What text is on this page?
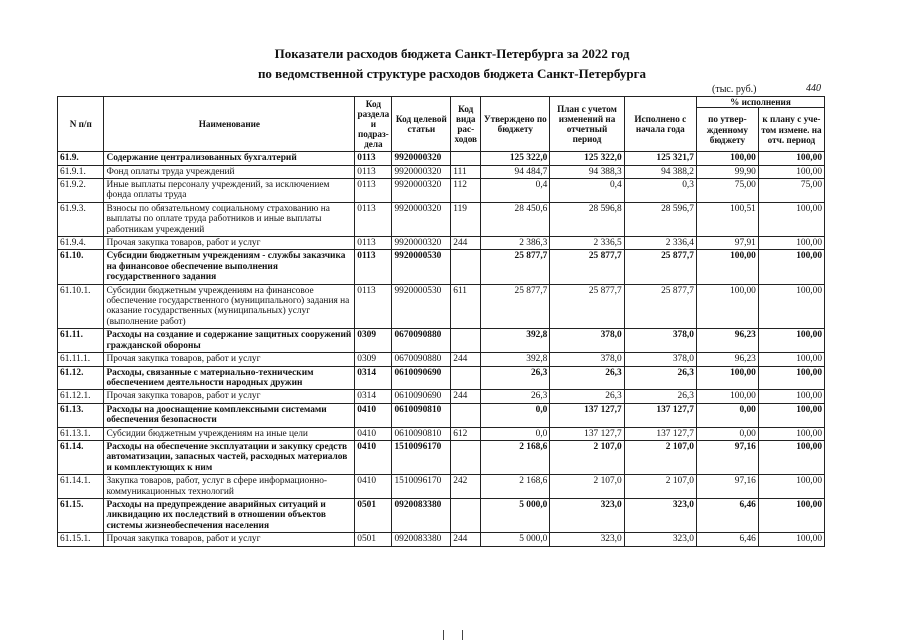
Показатели расходов бюджета Санкт-Петербурга за 2022 год
по ведомственной структуре расходов бюджета Санкт-Петербурга
(тыс. руб.)	440
N п/п	Наименование	Код раздела и подраз-дела	Код целевой статьи	Код вида рас-ходов	Утверждено по бюджету	План с учетом изменений на отчетный период	Исполнено с начала года	% исполнения	
								по утвер-жденному бюджету	к плану с уче-том измене. на отч. период
61.9.	Содержание централизованных бухгалтерий	0113	9920000320		125 322,0	125 322,0	125 321,7	100,00	100,00
61.9.1.	Фонд оплаты труда учреждений	0113	9920000320	111	94 484,7	94 388,3	94 388,2	99,90	100,00
61.9.2.	Иные выплаты персоналу учреждений, за исключением фонда оплаты труда	0113	9920000320	112	0,4	0,4	0,3	75,00	75,00
61.9.3.	Взносы по обязательному социальному страхованию на выплаты по оплате труда работников и иные выплаты работникам учреждений	0113	9920000320	119	28 450,6	28 596,8	28 596,7	100,51	100,00
61.9.4.	Прочая закупка товаров, работ и услуг	0113	9920000320	244	2 386,3	2 336,5	2 336,4	97,91	100,00
61.10.	Субсидии бюджетным учреждениям - службы заказчика на финансовое обеспечение выполнения государственного задания	0113	9920000530		25 877,7	25 877,7	25 877,7	100,00	100,00
61.10.1.	Субсидии бюджетным учреждениям на финансовое обеспечение государственного (муниципального) задания на оказание государственных (муниципальных) услуг (выполнение работ)	0113	9920000530	611	25 877,7	25 877,7	25 877,7	100,00	100,00
61.11.	Расходы на создание и содержание защитных сооружений гражданской обороны	0309	0670090880		392,8	378,0	378,0	96,23	100,00
61.11.1.	Прочая закупка товаров, работ и услуг	0309	0670090880	244	392,8	378,0	378,0	96,23	100,00
61.12.	Расходы, связанные с материально-техническим обеспечением деятельности народных дружин	0314	0610090690		26,3	26,3	26,3	100,00	100,00
61.12.1.	Прочая закупка товаров, работ и услуг	0314	0610090690	244	26,3	26,3	26,3	100,00	100,00
61.13.	Расходы на дооснащение комплексными системами обеспечения безопасности	0410	0610090810		0,0	137 127,7	137 127,7	0,00	100,00
61.13.1.	Субсидии бюджетным учреждениям на иные цели	0410	0610090810	612	0,0	137 127,7	137 127,7	0,00	100,00
61.14.	Расходы на обеспечение эксплуатации и закупку средств автоматизации, запасных частей, расходных материалов и комплектующих к ним	0410	1510096170		2 168,6	2 107,0	2 107,0	97,16	100,00
61.14.1.	Закупка товаров, работ, услуг в сфере информационно-коммуникационных технологий	0410	1510096170	242	2 168,6	2 107,0	2 107,0	97,16	100,00
61.15.	Расходы на предупреждение аварийных ситуаций и ликвидацию их последствий в отношении объектов системы жизнеобеспечения населения	0501	0920083380		5 000,0	323,0	323,0	6,46	100,00
61.15.1.	Прочая закупка товаров, работ и услуг	0501	0920083380	244	5 000,0	323,0	323,0	6,46	100,00
